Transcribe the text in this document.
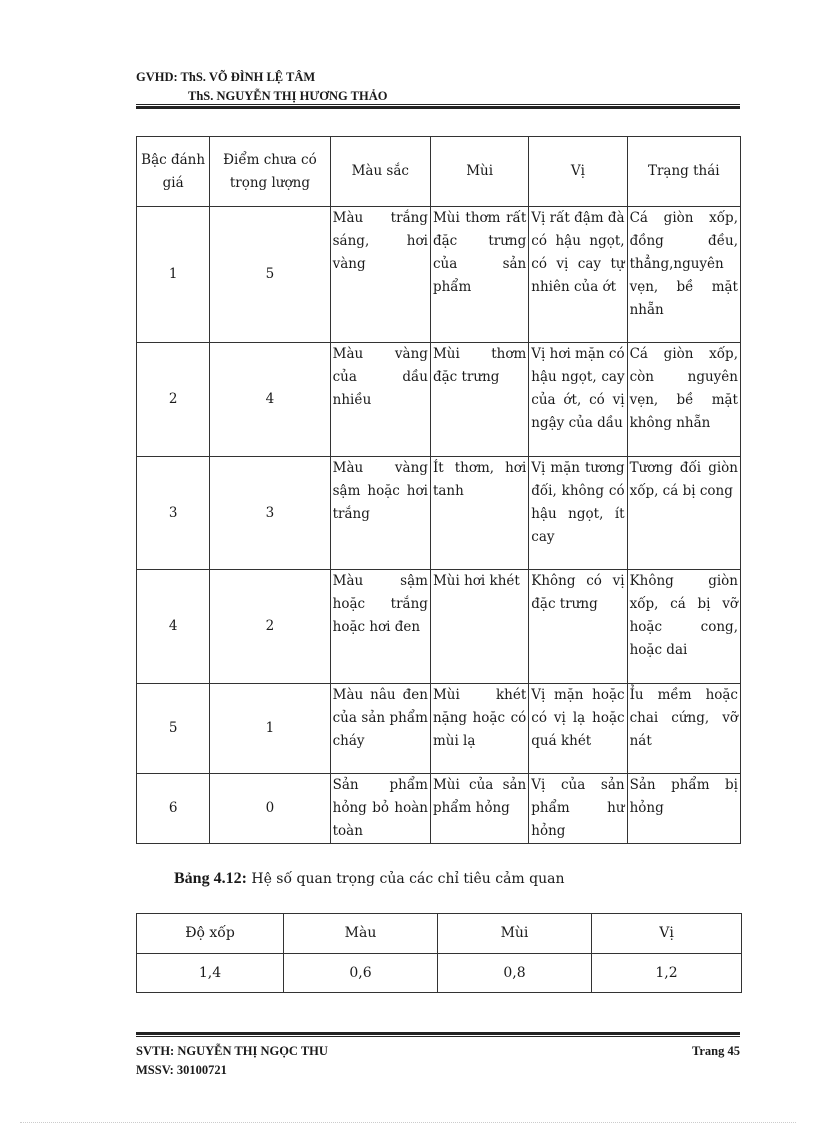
GVHD: ThS. VÕ ĐÌNH LỆ TÂM
ThS. NGUYỄN THỊ HƯƠNG THẢO
Bậc đánh giá	Điểm chưa có trọng lượng	Màu sắc	Mùi	Vị	Trạng thái
1	5	Màu trắng sáng, hơi vàng	Mùi thơm rất đặc trưng của sản phẩm	Vị rất đậm đà có hậu ngọt, có vị cay tự nhiên của ớt	Cá giòn xốp, đồng đều, thẳng,nguyên vẹn, bề mặt nhẵn
2	4	Màu vàng của dầu nhiều	Mùi thơm đặc trưng	Vị hơi mặn có hậu ngọt, cay của ớt, có vị ngậy của dầu	Cá giòn xốp, còn nguyên vẹn, bề mặt không nhẵn
3	3	Màu vàng sậm hoặc hơi trắng	Ít thơm, hơi tanh	Vị mặn tương đối, không có hậu ngọt, ít cay	Tương đối giòn xốp, cá bị cong
4	2	Màu sậm hoặc trắng hoặc hơi đen	Mùi hơi khét	Không có vị đặc trưng	Không giòn xốp, cá bị vỡ hoặc cong, hoặc dai
5	1	Màu nâu đen của sản phẩm cháy	Mùi khét nặng hoặc có mùi lạ	Vị mặn hoặc có vị lạ hoặc quá khét	Ỉu mềm hoặc chai cứng, vỡ nát
6	0	Sản phẩm hỏng bỏ hoàn toàn	Mùi của sản phẩm hỏng	Vị của sản phẩm hư hỏng	Sản phẩm bị hỏng
Bảng 4.12: Hệ số quan trọng của các chỉ tiêu cảm quan
Độ xốp	Màu	Mùi	Vị
1,4	0,6	0,8	1,2
SVTH: NGUYỄN THỊ NGỌC THU
MSSV: 30100721
Trang 45
